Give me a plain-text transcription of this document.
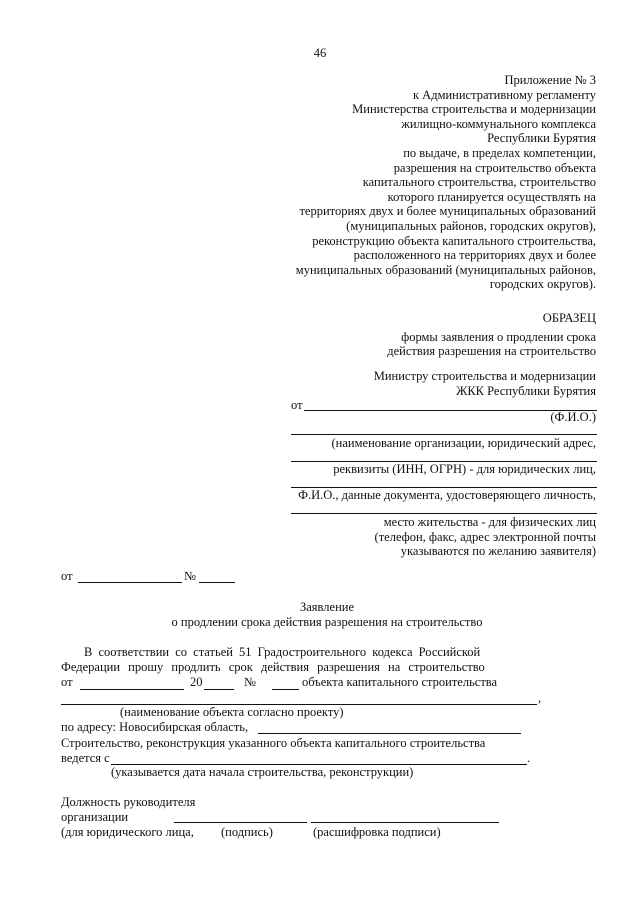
46
Приложение № 3
к Административному регламенту
Министерства строительства и модернизации
жилищно-коммунального комплекса
Республики Бурятия
по выдаче, в пределах компетенции,
разрешения на строительство объекта
капитального строительства, строительство
которого планируется осуществлять на
территориях двух и более муниципальных образований
(муниципальных районов, городских округов),
реконструкцию объекта капитального строительства,
расположенного на территориях двух и более
муниципальных образований (муниципальных районов,
городских округов).
ОБРАЗЕЦ
формы заявления о продлении срока
действия разрешения на строительство
Министру строительства и модернизации
ЖКК Республики Бурятия
от
(Ф.И.О.)
(наименование организации, юридический адрес,
реквизиты (ИНН, ОГРН) - для юридических лиц,
Ф.И.О., данные документа, удостоверяющего личность,
место жительства - для физических лиц
(телефон, факс, адрес электронной почты
указываются по желанию заявителя)
от	№
Заявление
о продлении срока действия разрешения на строительство
В соответствии со статьей 51 Градостроительного кодекса Российской
Федерации прошу продлить срок действия разрешения на строительство
от	20	№	объекта капитального строительства
,
(наименование объекта согласно проекту)
по адресу: Новосибирская область,
Строительство, реконструкция указанного объекта капитального строительства
ведется с	.
(указывается дата начала строительства, реконструкции)
Должность руководителя
организации
(для юридического лица, (подпись)	(расшифровка подписи)
